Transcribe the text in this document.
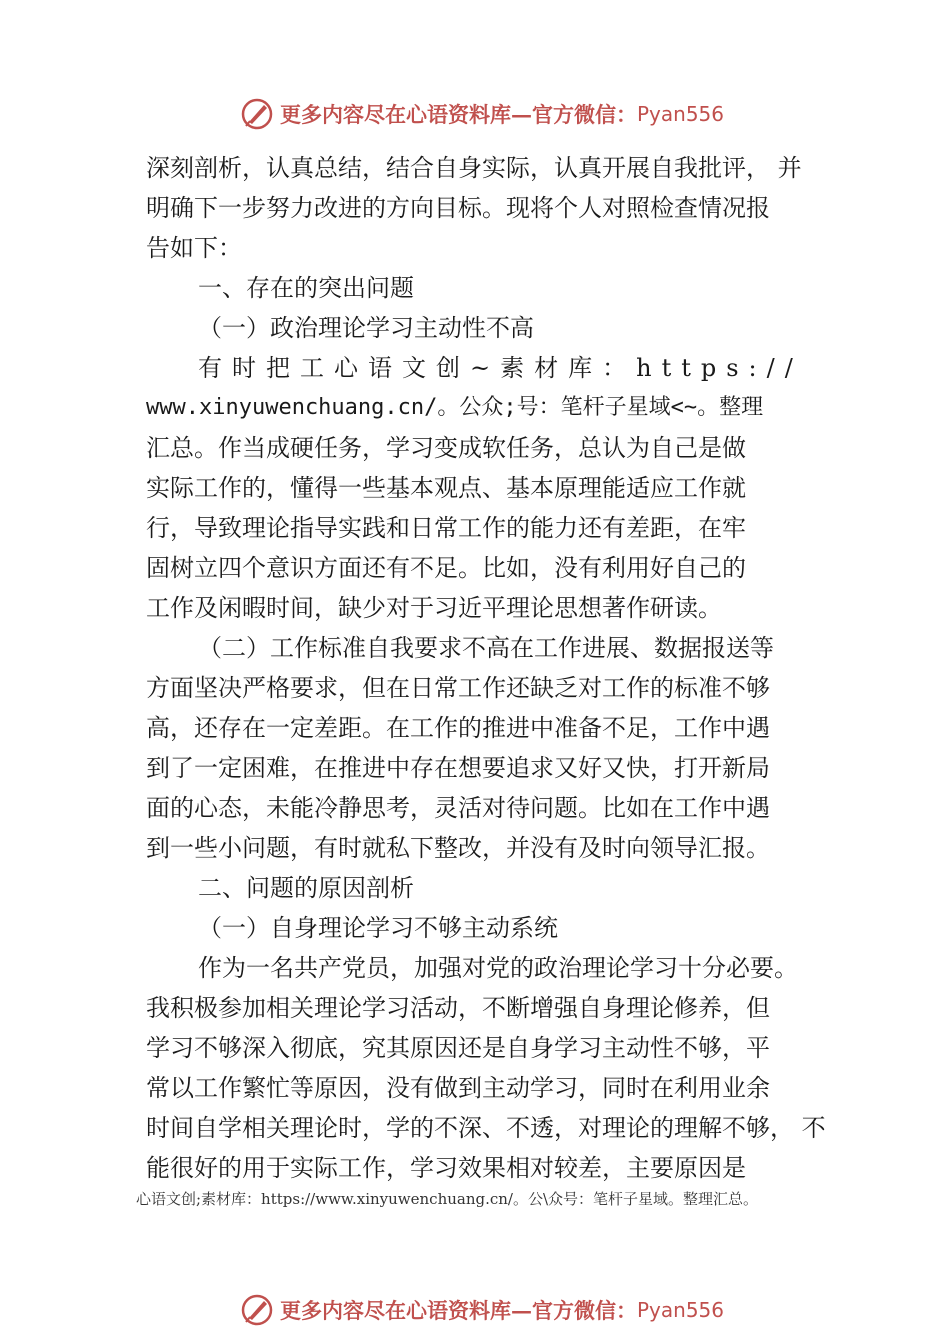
更多内容尽在心语资料库 —官方微信： Pyan556
深刻剖析，认真总结，结合自身实际，认真开展自我批评， 并
明确下一步努力改进的方向目标。现将个人对照检查情况报
告如下：
一、存在的突出问题
（一）政治理论学习主动性不高
有时把工心语文创~素材库：https://
www.xinyuwenchuang.cn/。公众;号：笔杆子星域<~。整理
汇总。作当成硬任务，学习变成软任务，总认为自己是做
实际工作的，懂得一些基本观点、基本原理能适应工作就
行，导致理论指导实践和日常工作的能力还有差距，在牢
固树立四个意识方面还有不足。比如，没有利用好自己的
工作及闲暇时间，缺少对于习近平理论思想著作研读。
（二）工作标准自我要求不高在工作进展、数据报送等
方面坚决严格要求，但在日常工作还缺乏对工作的标准不够
高，还存在一定差距。在工作的推进中准备不足，工作中遇
到了一定困难，在推进中存在想要追求又好又快，打开新局
面的心态，未能冷静思考，灵活对待问题。比如在工作中遇
到一些小问题，有时就私下整改，并没有及时向领导汇报。
二、问题的原因剖析
（一）自身理论学习不够主动系统
作为一名共产党员，加强对党的政治理论学习十分必要。
我积极参加相关理论学习活动，不断增强自身理论修养，但
学习不够深入彻底，究其原因还是自身学习主动性不够，平
常以工作繁忙等原因，没有做到主动学习，同时在利用业余
时间自学相关理论时，学的不深、不透，对理论的理解不够， 不
能很好的用于实际工作，学习效果相对较差，主要原因是
心语文创;素材库：https://www.xinyuwenchuang.cn/。公\众号：笔杆子星域。整理汇总。
更多内容尽在心语资料库 —官方微信： Pyan556
